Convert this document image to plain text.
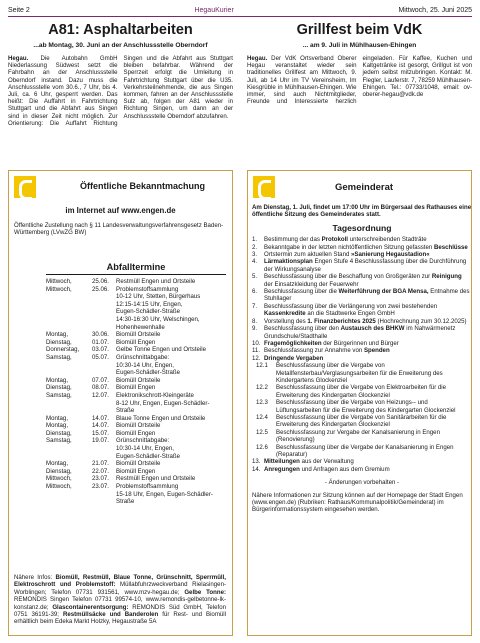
Seite 2	HegauKurier	Mittwoch, 25. Juni 2025
A81: Asphaltarbeiten
...ab Montag, 30. Juni an der Anschlussstelle Oberndorf
Hegau. Die Autobahn GmbH Niederlassung Südwest setzt die Fahrbahn an der Anschlussstelle Oberndorf instand. Dazu muss die Anschlussstelle vom 30.6., 7 Uhr, bis 4. Juli, ca. 6 Uhr, gesperrt werden. Das heißt: Die Auffahrt in Fahrtrichtung Stuttgart und die Abfahrt aus Singen sind in dieser Zeit nicht möglich. Zur Orientierung: Die Auffahrt Richtung Singen und die Abfahrt aus Stuttgart bleiben befahrbar. Während der Sperrzeit erfolgt die Umleitung in Fahrtrichtung Stuttgart über die U35. Verkehrsteilnehmende, die aus Singen kommen, fahren an der Anschlussstelle Sulz ab, folgen der A81 wieder in Richtung Singen, um dann an der Anschlussstelle Oberndorf abzufahren.
Grillfest beim VdK
... am 9. Juli in Mühlhausen-Ehingen
Hegau. Der VdK Ortsverband Oberer Hegau veranstaltet wieder sein traditionelles Grillfest am Mittwoch, 9. Juli, ab 14 Uhr im TV Vereinsheim, Im Kiesgrüble in Mühlhausen-Ehingen. Wie immer, sind auch Nichtmitglieder, Freunde und Interessierte herzlich eingeladen. Für Kaffee, Kuchen und Kaltgetränke ist gesorgt, Grillgut ist von jedem selbst mitzubringen. Kontakt: M. Flegler, Lauferstr. 7, 78259 Mühlhausen-Ehingen. Tel.: 07733/1048, email: ov-oberer-hegau@vdk.de
Öffentliche Bekanntmachung
im Internet auf www.engen.de
Öffentliche Zustellung nach § 11 Landesverwaltungsverfahrensgesetz Baden-Württemberg (LVwZG BW)
Abfalltermine
Mittwoch,	25.06.	Restmüll Engen und Ortsteile
Mittwoch,	25.06.	Problemstoffsammlung
10-12 Uhr, Stetten, Bürgerhaus
12:15-14:15 Uhr, Engen,
Eugen-Schädler-Straße
14:30-16:30 Uhr, Welschingen,
Hohenhewenhalle
Montag,	30.06.	Biomüll Ortsteile
Dienstag,	01.07.	Biomüll Engen
Donnerstag,	03.07.	Gelbe Tonne Engen und Ortsteile
Samstag,	05.07.	Grünschnittabgabe:
10:30-14 Uhr, Engen,
Eugen-Schädler-Straße
Montag,	07.07.	Biomüll Ortsteile
Dienstag,	08.07.	Biomüll Engen
Samstag,	12.07.	Elektronikschrott-Kleingeräte
8-12 Uhr, Engen, Eugen-Schädler-Straße
Montag,	14.07.	Blaue Tonne Engen und Ortsteile
Montag,	14.07.	Biomüll Ortsteile
Dienstag,	15.07.	Biomüll Engen
Samstag,	19.07.	Grünschnittabgabe:
10:30-14 Uhr, Engen,
Eugen-Schädler-Straße
Montag,	21.07.	Biomüll Ortsteile
Dienstag,	22.07.	Biomüll Engen
Mittwoch,	23.07.	Restmüll Engen und Ortsteile
Mittwoch,	23.07.	Problemstoffsammlung
15-18 Uhr, Engen, Eugen-Schädler-Straße
Nähere Infos: Biomüll, Restmüll, Blaue Tonne, Grünschnitt, Sperrmüll, Elektroschrott und Problemstoff: Müllabfuhrzweckverband Rielasingen-Worblingen; Telefon 07731 931561, www.mzv-hegau.de; Gelbe Tonne: REMONDIS Singen Telefon 07731 99574-10, www.remondis-gelbetonne-lk-konstanz.de; Glascontainerentsorgung: REMONDIS Süd GmbH, Telefon 0751 36191-39; Restmüllsäcke und Banderolen für Rest- und Biomüll erhältlich beim Edeka Markt Holzky, Hegaustraße 5A
Gemeinderat
Am Dienstag, 1. Juli, findet um 17:00 Uhr im Bürgersaal des Rathauses eine öffentliche Sitzung des Gemeinderates statt.
Tagesordnung
1.	Bestimmung der das Protokoll unterschreibenden Stadträte
2.	Bekanntgabe in der letzten nichtöffentlichen Sitzung gefassten Beschlüsse
3.	Ortstermin zum aktuellen Stand »Sanierung Hegaustadion«
4.	Lärmaktionsplan Engen Stufe 4 Beschlussfassung über die Durchführung der Wirkungsanalyse
5.	Beschlussfassung über die Beschaffung von Großgeräten zur Reinigung der Einsatzkleidung der Feuerwehr
6.	Beschlussfassung über die Weiterführung der BGA Mensa, Entnahme des Stuhllager
7.	Beschlussfassung über die Verlängerung von zwei bestehenden Kassenkredite an die Stadtwerke Engen GmbH
8.	Vorstellung des 1. Finanzberichtes 2025 (Hochrechnung zum 30.12.2025)
9.	Beschlussfassung über den Austausch des BHKW im Nahwärmenetz Grundschule/Stadthalle
10. Fragemöglichkeiten der Bürgerinnen und Bürger
11. Beschlussfassung zur Annahme von Spenden
12. Dringende Vergaben
12.1	Beschlussfassung über die Vergabe von Metallfensterbau/Verglasungsarbeiten für die Erweiterung des Kindergartens Glockenziel
12.2	Beschlussfassung über die Vergabe von Elektroarbeiten für die Erweiterung des Kindergarten Glockenziel
12.3	Beschlussfassung über die Vergabe von Heizungs-- und Lüftungsarbeiten für die Erweiterung des Kindergarten Glockenziel
12.4	Beschlussfassung über die Vergabe von Sanitärarbeiten für die Erweiterung des Kindergarten Glockenziel
12.5	Beschlussfassung zur Vergabe der Kanalsanierung in Engen (Renovierung)
12.6	Beschlussfassung über die Vergabe der Kanalsanierung in Engen (Reparatur)
13. Mitteilungen aus der Verwaltung
14. Anregungen und Anfragen aus dem Gremium
- Änderungen vorbehalten -
Nähere Informationen zur Sitzung können auf der Homepage der Stadt Engen (www.engen.de) (Rubriken: Rathaus/Kommunalpolitik/Gemeinderat) im Bürgerinformationssystem eingesehen werden.
